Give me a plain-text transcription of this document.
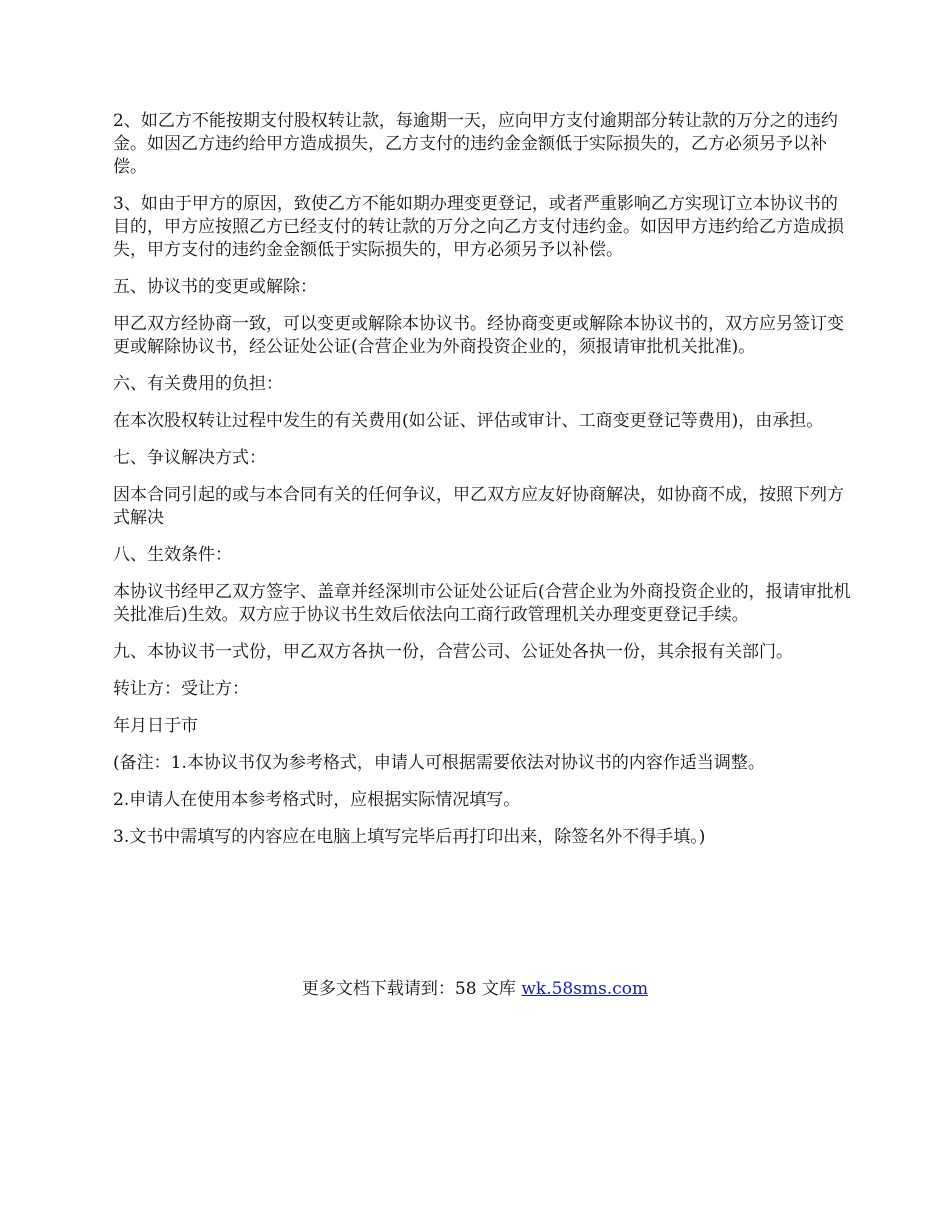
2、如乙方不能按期支付股权转让款，每逾期一天，应向甲方支付逾期部分转让款的万分之的违约金。如因乙方违约给甲方造成损失，乙方支付的违约金金额低于实际损失的，乙方必须另予以补偿。

3、如由于甲方的原因，致使乙方不能如期办理变更登记，或者严重影响乙方实现订立本协议书的目的，甲方应按照乙方已经支付的转让款的万分之向乙方支付违约金。如因甲方违约给乙方造成损失，甲方支付的违约金金额低于实际损失的，甲方必须另予以补偿。

五、协议书的变更或解除：

甲乙双方经协商一致，可以变更或解除本协议书。经协商变更或解除本协议书的，双方应另签订变更或解除协议书，经公证处公证(合营企业为外商投资企业的，须报请审批机关批准)。

六、有关费用的负担：

在本次股权转让过程中发生的有关费用(如公证、评估或审计、工商变更登记等费用)，由承担。

七、争议解决方式：

因本合同引起的或与本合同有关的任何争议，甲乙双方应友好协商解决，如协商不成，按照下列方式解决

八、生效条件：

本协议书经甲乙双方签字、盖章并经深圳市公证处公证后(合营企业为外商投资企业的，报请审批机关批准后)生效。双方应于协议书生效后依法向工商行政管理机关办理变更登记手续。

九、本协议书一式份，甲乙双方各执一份，合营公司、公证处各执一份，其余报有关部门。

转让方：受让方：

年月日于市

(备注：1.本协议书仅为参考格式，申请人可根据需要依法对协议书的内容作适当调整。

2.申请人在使用本参考格式时，应根据实际情况填写。

3.文书中需填写的内容应在电脑上填写完毕后再打印出来，除签名外不得手填。)

更多文档下载请到：58 文库 wk.58sms.com
